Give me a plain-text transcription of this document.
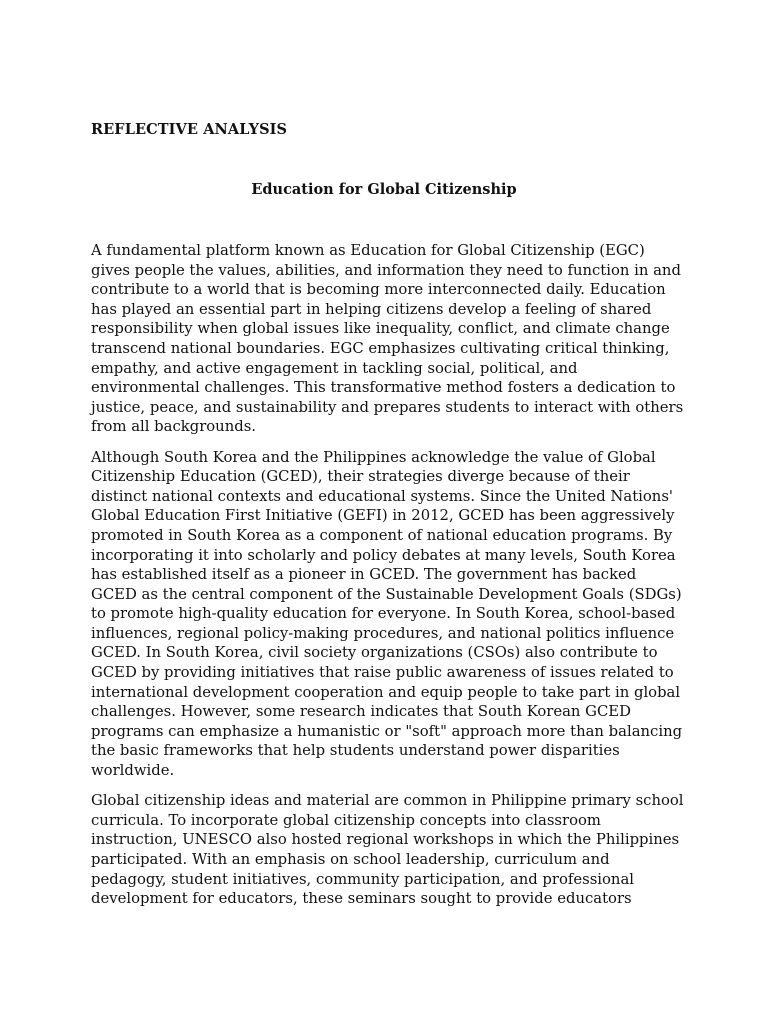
REFLECTIVE ANALYSIS
Education for Global Citizenship

A fundamental platform known as Education for Global Citizenship (EGC) gives people the values, abilities, and information they need to function in and contribute to a world that is becoming more interconnected daily. Education has played an essential part in helping citizens develop a feeling of shared responsibility when global issues like inequality, conflict, and climate change transcend national boundaries. EGC emphasizes cultivating critical thinking, empathy, and active engagement in tackling social, political, and environmental challenges. This transformative method fosters a dedication to justice, peace, and sustainability and prepares students to interact with others from all backgrounds.

Although South Korea and the Philippines acknowledge the value of Global Citizenship Education (GCED), their strategies diverge because of their distinct national contexts and educational systems. Since the United Nations' Global Education First Initiative (GEFI) in 2012, GCED has been aggressively promoted in South Korea as a component of national education programs. By incorporating it into scholarly and policy debates at many levels, South Korea has established itself as a pioneer in GCED. The government has backed GCED as the central component of the Sustainable Development Goals (SDGs) to promote high-quality education for everyone. In South Korea, school-based influences, regional policy-making procedures, and national politics influence GCED. In South Korea, civil society organizations (CSOs) also contribute to GCED by providing initiatives that raise public awareness of issues related to international development cooperation and equip people to take part in global challenges. However, some research indicates that South Korean GCED programs can emphasize a humanistic or "soft" approach more than balancing the basic frameworks that help students understand power disparities worldwide.

Global citizenship ideas and material are common in Philippine primary school curricula. To incorporate global citizenship concepts into classroom instruction, UNESCO also hosted regional workshops in which the Philippines participated. With an emphasis on school leadership, curriculum and pedagogy, student initiatives, community participation, and professional development for educators, these seminars sought to provide educators
